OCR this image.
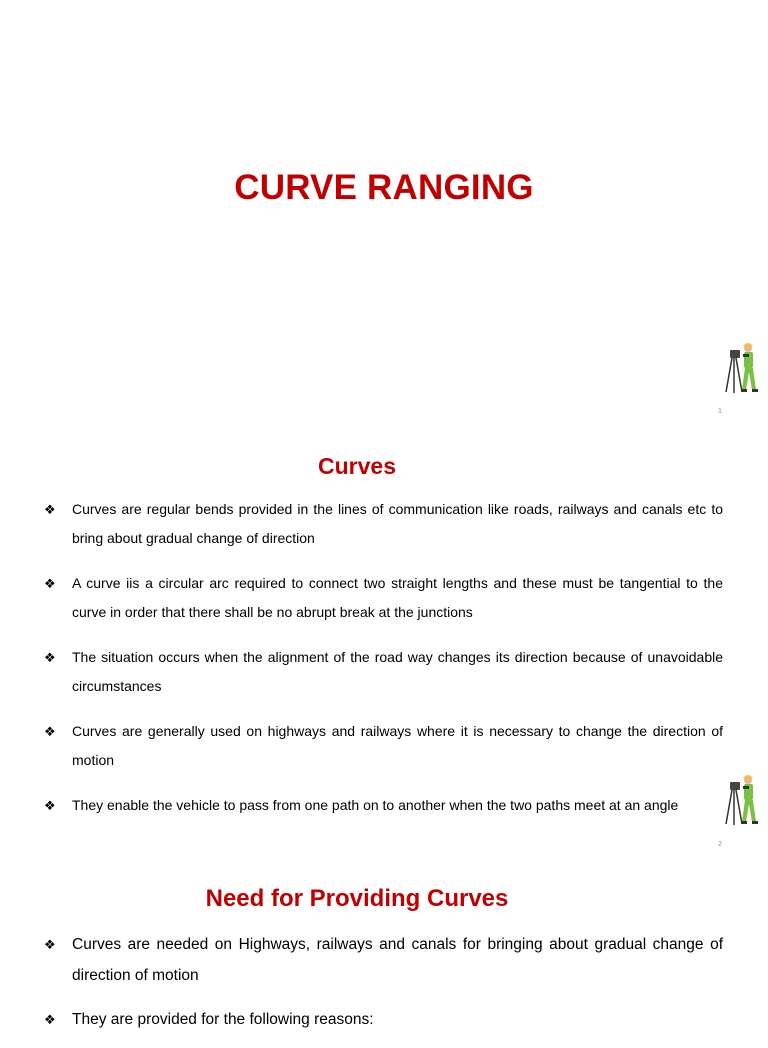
CURVE RANGING
1
Curves
❖ Curves are regular bends provided in the lines of communication like roads, railways and canals etc to bring about gradual change of direction
❖ A curve iis a circular arc required to connect two straight lengths and these must be tangential to the curve in order that there shall be no abrupt break at the junctions
❖ The situation occurs when the alignment of the road way changes its direction because of unavoidable circumstances
❖ Curves are generally used on highways and railways where it is necessary to change the direction of motion
❖ They enable the vehicle to pass from one path on to another when the two paths meet at an angle
2
Need for Providing Curves
❖ Curves are needed on Highways, railways and canals for bringing about gradual change of direction of motion
❖ They are provided for the following reasons:
